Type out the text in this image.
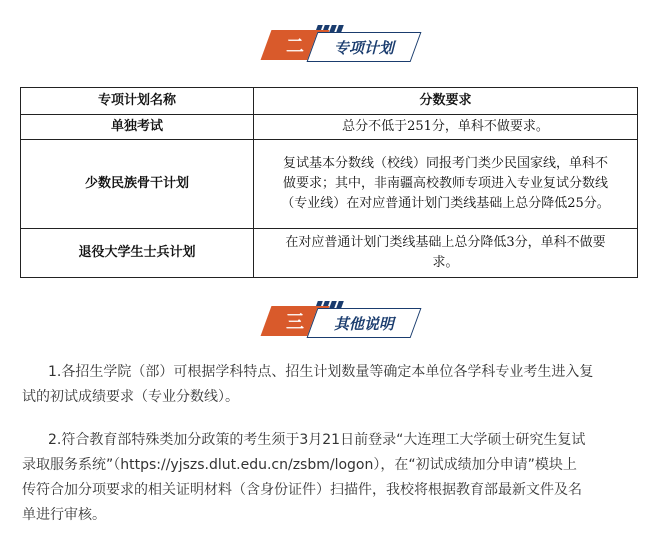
二 专项计划
专项计划名称	分数要求
单独考试	总分不低于251分，单科不做要求。
少数民族骨干计划	复试基本分数线（校线）同报考门类少民国家线，单科不做要求；其中，非南疆高校教师专项进入专业复试分数线（专业线）在对应普通计划门类线基础上总分降低25分。
退役大学生士兵计划	在对应普通计划门类线基础上总分降低3分，单科不做要求。
三 其他说明
1.各招生学院（部）可根据学科特点、招生计划数量等确定本单位各学科专业考生进入复
试的初试成绩要求（专业分数线）。
2.符合教育部特殊类加分政策的考生须于3月21日前登录“大连理工大学硕士研究生复试
录取服务系统”（https://yjszs.dlut.edu.cn/zsbm/logon），在“初试成绩加分申请”模块上
传符合加分项要求的相关证明材料（含身份证件）扫描件，我校将根据教育部最新文件及名
单进行审核。
